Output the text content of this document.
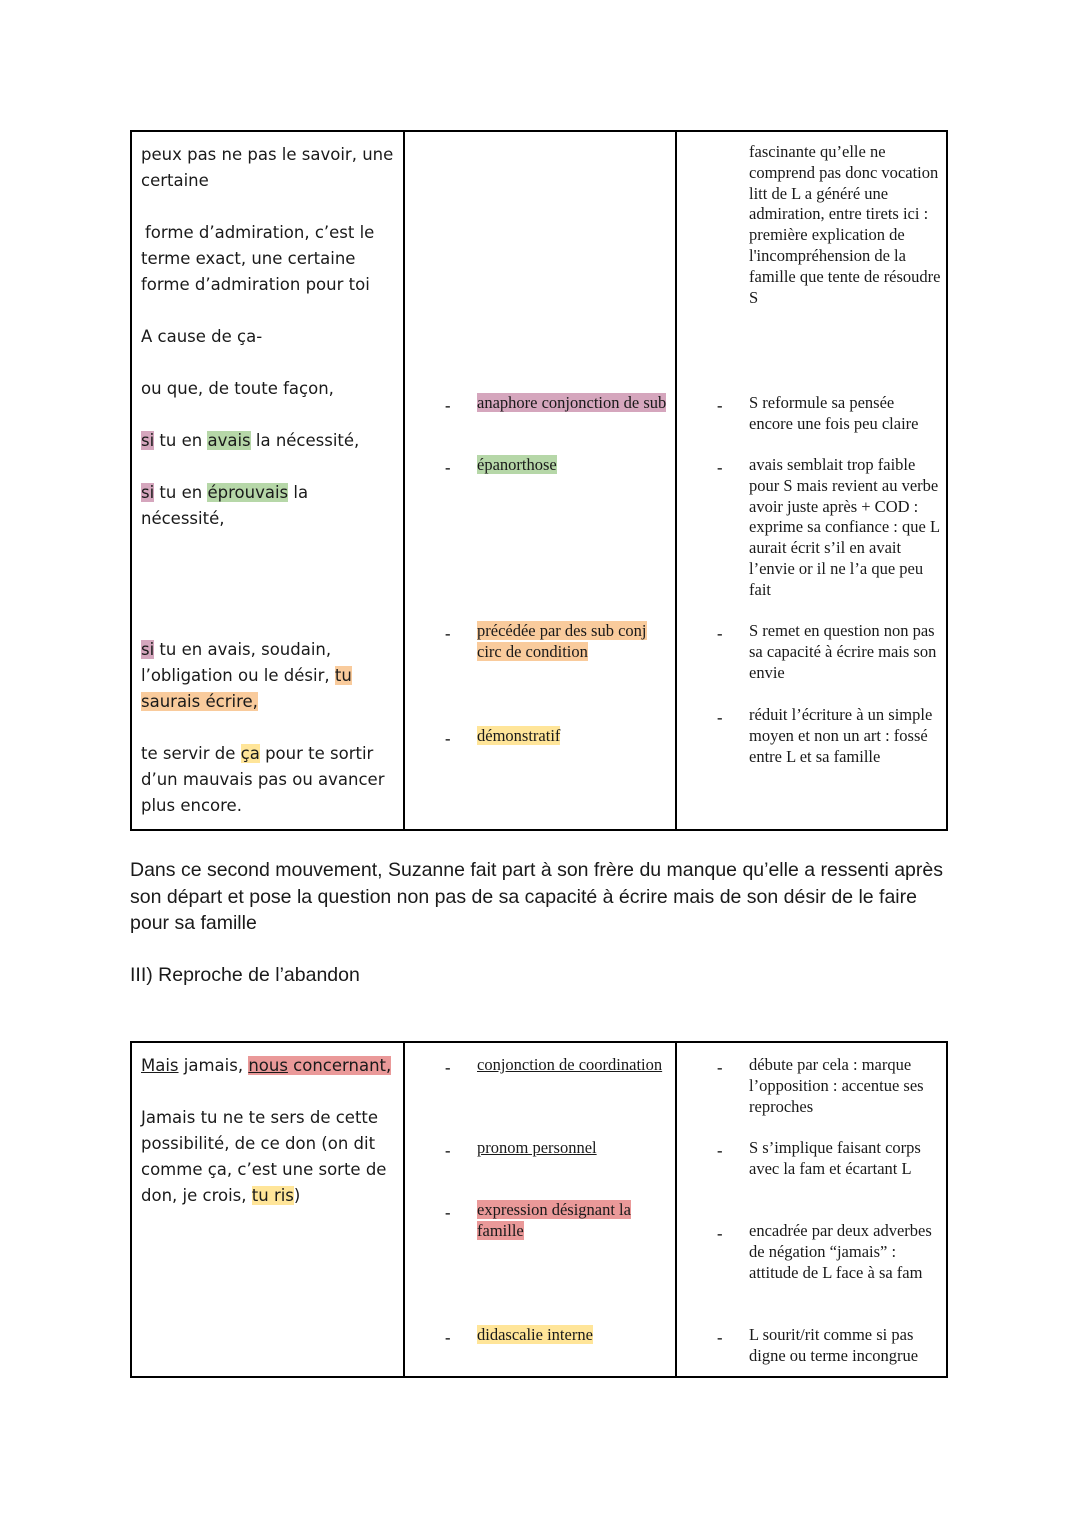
peux pas ne pas le savoir, une

certaine

forme d’admiration, c’est le

terme exact, une certaine

forme d’admiration pour toi

A cause de ça-

ou que, de toute façon,

si tu en avais la nécessité,

si tu en éprouvais la nécessité,

si tu en avais, soudain,

l’obligation ou le désir, tu

saurais écrire,

te servir de ça pour te sortir

d’un mauvais pas ou avancer

plus encore.

- anaphore conjonction de sub
- épanorthose
- précédée par des sub conj circ de condition
- démonstratif
fascinante qu’elle ne comprend pas donc vocation litt de L a généré une admiration, entre tirets ici : première explication de l'incompréhension de la famille que tente de résoudre S
- S reformule sa pensée encore une fois peu claire
- avais semblait trop faible pour S mais revient au verbe avoir juste après + COD : exprime sa confiance : que L aurait écrit s’il en avait l’envie or il ne l’a que peu fait
- S remet en question non pas sa capacité à écrire mais son envie
- réduit l’écriture à un simple moyen et non un art : fossé entre L et sa famille

Dans ce second mouvement, Suzanne fait part à son frère du manque qu’elle a ressenti après son départ et pose la question non pas de sa capacité à écrire mais de son désir de le faire pour sa famille

III) Reproche de l’abandon

Mais jamais, nous concernant,

Jamais tu ne te sers de cette

possibilité, de ce don (on dit

comme ça, c’est une sorte de

don, je crois, tu ris)

- conjonction de coordination
- pronom personnel
- expression désignant la famille
- didascalie interne
- débute par cela : marque l’opposition : accentue ses reproches
- S s’implique faisant corps avec la fam et écartant L
- encadrée par deux adverbes de négation “jamais” : attitude de L face à sa fam
- L sourit/rit comme si pas digne ou terme incongrue
